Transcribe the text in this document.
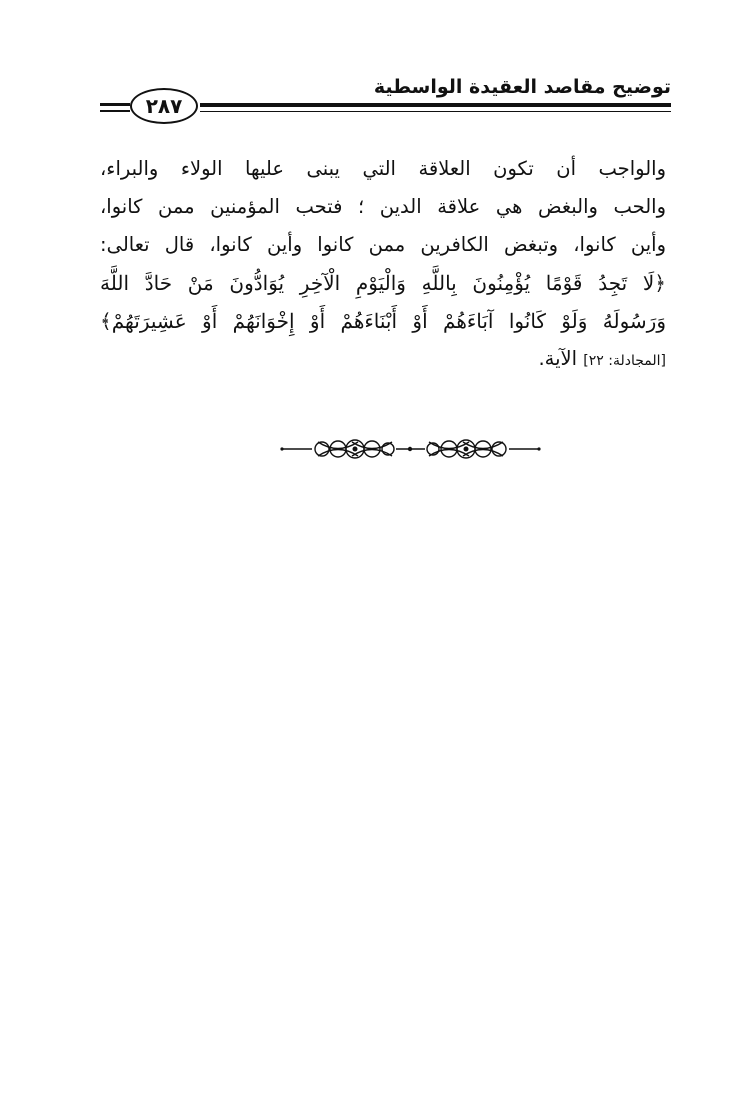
توضيح مقاصد العقيدة الواسطية
٢٨٧
والواجب أن تكون العلاقة التي يبنى عليها الولاء والبراء،
والحب والبغض هي علاقة الدين ؛ فتحب المؤمنين ممن كانوا،
وأين كانوا، وتبغض الكافرين ممن كانوا وأين كانوا، قال تعالى:
﴿لَا تَجِدُ قَوْمًا يُؤْمِنُونَ بِاللَّهِ وَالْيَوْمِ الْآخِرِ يُوَادُّونَ مَنْ حَادَّ اللَّهَ
وَرَسُولَهُ وَلَوْ كَانُوا آبَاءَهُمْ أَوْ أَبْنَاءَهُمْ أَوْ إِخْوَانَهُمْ أَوْ عَشِيرَتَهُمْ﴾
[المجادلة: ٢٢] الآية.
